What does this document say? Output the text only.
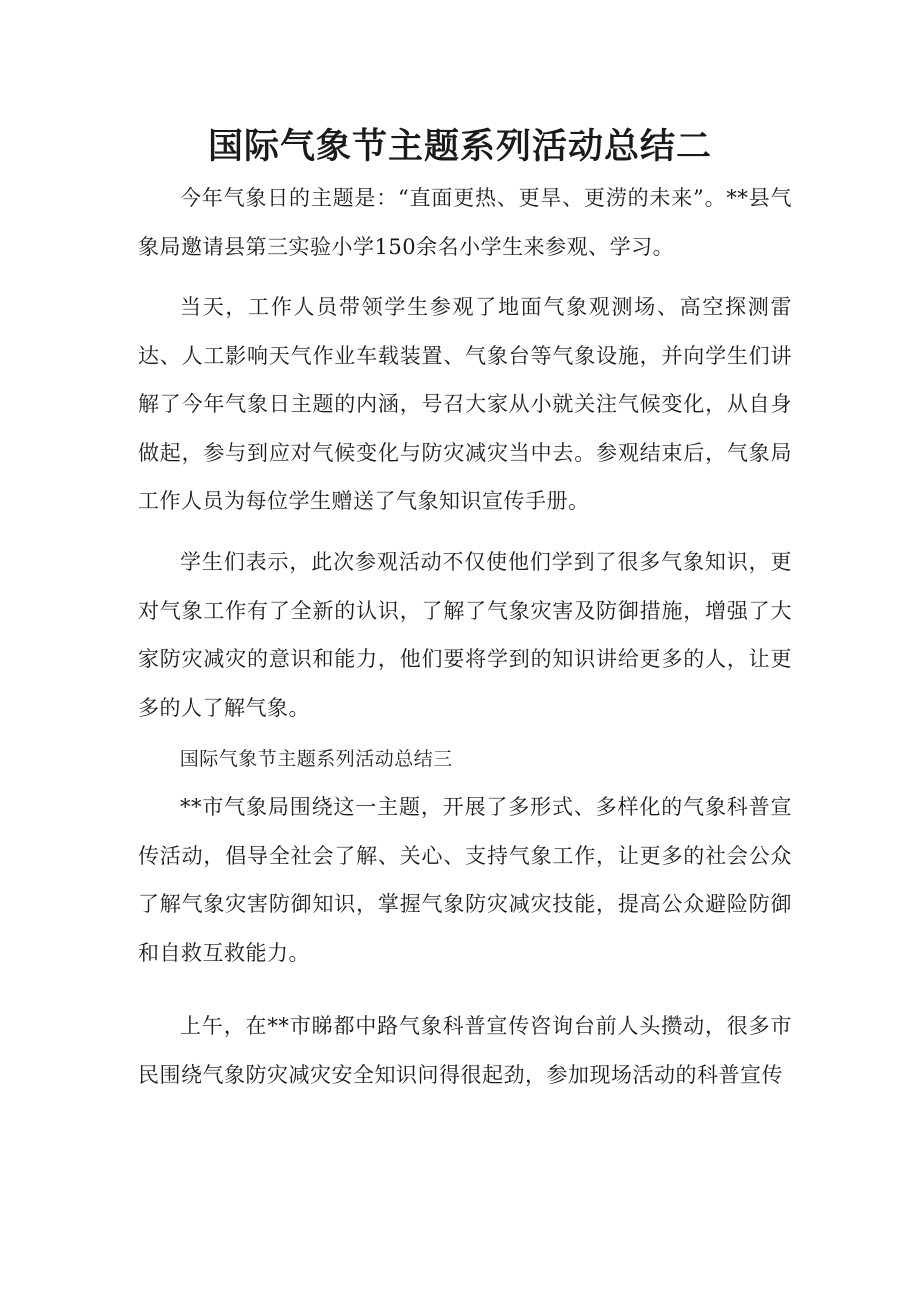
国际气象节主题系列活动总结二

今年气象日的主题是：“直面更热、更旱、更涝的未来”。**县气象局邀请县第三实验小学150余名小学生来参观、学习。

当天，工作人员带领学生参观了地面气象观测场、高空探测雷达、人工影响天气作业车载装置、气象台等气象设施，并向学生们讲解了今年气象日主题的内涵，号召大家从小就关注气候变化，从自身做起，参与到应对气候变化与防灾减灾当中去。参观结束后，气象局工作人员为每位学生赠送了气象知识宣传手册。

学生们表示，此次参观活动不仅使他们学到了很多气象知识，更对气象工作有了全新的认识，了解了气象灾害及防御措施，增强了大家防灾减灾的意识和能力，他们要将学到的知识讲给更多的人，让更多的人了解气象。

国际气象节主题系列活动总结三

**市气象局围绕这一主题，开展了多形式、多样化的气象科普宣传活动，倡导全社会了解、关心、支持气象工作，让更多的社会公众了解气象灾害防御知识，掌握气象防灾减灾技能，提高公众避险防御和自救互救能力。

上午，在**市睇都中路气象科普宣传咨询台前人头攒动，很多市民围绕气象防灾减灾安全知识问得很起劲，参加现场活动的科普宣传
